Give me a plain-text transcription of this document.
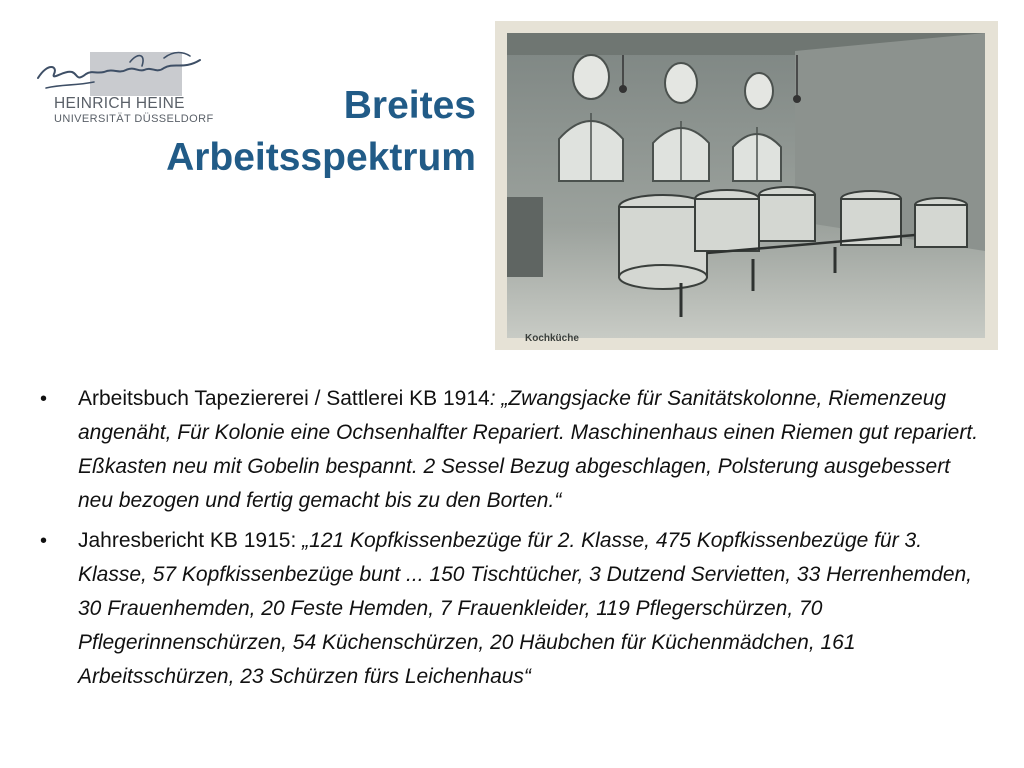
HEINRICH HEINE
UNIVERSITÄT DÜSSELDORF	Breites
Arbeitsspektrum
Kochküche
• Arbeitsbuch Tapeziererei / Sattlerei KB 1914: „Zwangsjacke für Sanitätskolonne, Riemenzeug angenäht, Für Kolonie eine Ochsenhalfter Repariert. Maschinenhaus einen Riemen gut repariert. Eßkasten neu mit Gobelin bespannt. 2 Sessel Bezug abgeschlagen, Polsterung ausgebessert neu bezogen und fertig gemacht bis zu den Borten.“
• Jahresbericht KB 1915: „121 Kopfkissenbezüge für 2. Klasse, 475 Kopfkissenbezüge für 3. Klasse, 57 Kopfkissenbezüge bunt ... 150 Tischtücher, 3 Dutzend Servietten, 33 Herrenhemden, 30 Frauenhemden, 20 Feste Hemden, 7 Frauenkleider, 119 Pflegerschürzen, 70 Pflegerinnenschürzen, 54 Küchenschürzen, 20 Häubchen für Küchenmädchen, 161 Arbeitsschürzen, 23 Schürzen fürs Leichenhaus“
